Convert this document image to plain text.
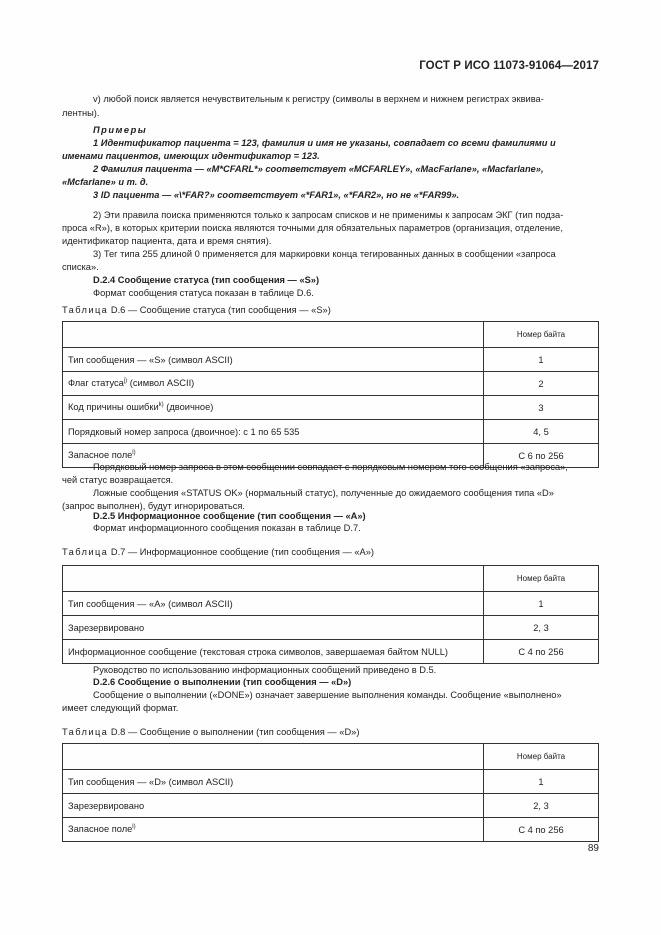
ГОСТ Р ИСО 11073-91064—2017
v) любой поиск является нечувствительным к регистру (символы в верхнем и нижнем регистрах эквива-
лентны).
Примеры
1 Идентификатор пациента = 123, фамилия и имя не указаны, совпадает со всеми фамилиями и
именами пациентов, имеющих идентификатор = 123.
2 Фамилия пациента — «M*CFARL*» соответствует «MCFARLEY», «MacFarlane», «Macfarlane»,
«Mcfarlane» и т. д.
3 ID пациента — «\*FAR?» соответствует «*FAR1», «*FAR2», но не «*FAR99».
2) Эти правила поиска применяются только к запросам списков и не применимы к запросам ЭКГ (тип подза-
проса «R»), в которых критерии поиска являются точными для обязательных параметров (организация, отделение,
идентификатор пациента, дата и время снятия).
3) Тег типа 255 длиной 0 применяется для маркировки конца тегированных данных в сообщении «запроса
списка».
D.2.4 Сообщение статуса (тип сообщения — «S»)
Формат сообщения статуса показан в таблице D.6.
Таблица D.6 — Сообщение статуса (тип сообщения — «S»)
	Номер байта
Тип сообщения — «S» (символ ASCII)	1
Флаг статуса$^{j)}$ (символ ASCII)	2
Код причины ошибки$^{k)}$ (двоичное)	3
Порядковый номер запроса (двоичное): с 1 по 65 535	4, 5
Запасное поле$^{l)}$	С 6 по 256
Порядковый номер запроса в этом сообщении совпадает с порядковым номером того сообщения «запроса»,
чей статус возвращается.
Ложные сообщения «STATUS OK» (нормальный статус), полученные до ожидаемого сообщения типа «D»
(запрос выполнен), будут игнорироваться.
D.2.5 Информационное сообщение (тип сообщения — «A»)
Формат информационного сообщения показан в таблице D.7.
Таблица D.7 — Информационное сообщение (тип сообщения — «A»)
	Номер байта
Тип сообщения — «A» (символ ASCII)	1
Зарезервировано	2, 3
Информационное сообщение (текстовая строка символов, завершаемая байтом NULL)	С 4 по 256
Руководство по использованию информационных сообщений приведено в D.5.
D.2.6 Сообщение о выполнении (тип сообщения — «D»)
Сообщение о выполнении («DONE») означает завершение выполнения команды. Сообщение «выполнено»
имеет следующий формат.
Таблица D.8 — Сообщение о выполнении (тип сообщения — «D»)
	Номер байта
Тип сообщения — «D» (символ ASCII)	1
Зарезервировано	2, 3
Запасное поле$^{l)}$	С 4 по 256
89
